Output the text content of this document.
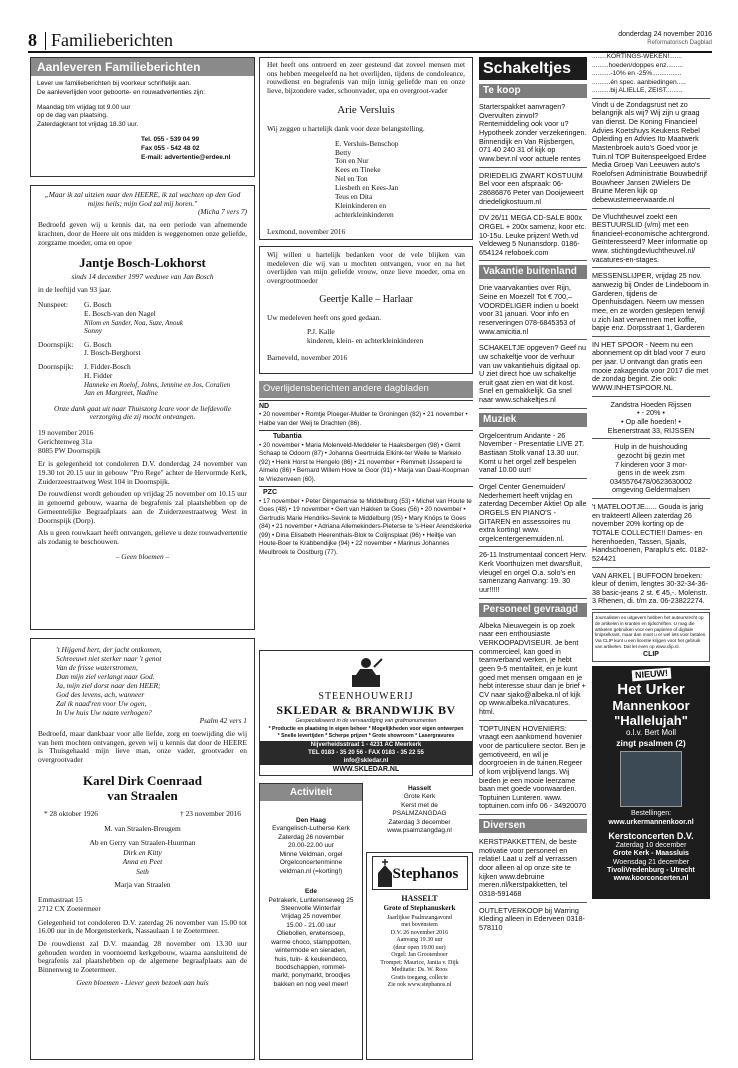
8 Familieberichten	donderdag 24 november 2016
Reformatorisch Dagblad
Aanleveren Familieberichten
Lever uw familieberichten bij voorkeur schriftelijk aan.
De aanleverlijden voor geboorte- en rouwadvertenties zijn:
Maandag t/m vrijdag tot 9.00 uur
op de dag van plaatsing.
Zaterdagkrant tot vrijdag 18.30 uur.
Tel. 055 - 539 04 99
Fax 055 - 542 48 02
E-mail: advertentie@erdee.nl
„Maar ik zal uitzien naar den HEERE, ik zal wachten op den God mijns heils; mijn God zal mij horen."
(Micha 7 vers 7)

Bedroefd geven wij u kennis dat, na een periode van afnemende krachten, door de Heere uit ons midden is weggenomen onze geliefde, zorgzame moeder, oma en opoe

Jantje Bosch-Lokhorst
sinds 14 december 1997 weduwe van Jan Bosch
in de leeftijd van 93 jaar.
Nunspeet:	G. Bosch
E. Bosch-van den Nagel
Nilom en Sander, Noa, Suze, Anouk
Sonny
Doornspijk:	G. Bosch
J. Bosch-Berghorst
Doornspijk:	J. Fidder-Bosch
H. Fidder
Hanneke en Roelof, Johns, Jennine en Jos, Coralien
Jan en Margreet, Nadine
Onze dank gaat uit naar Thuiszorg Icare voor de liefdevolle verzorging die zij mocht ontvangen.
19 november 2016
Gerichtenweg 31a
8085 PW Doornspijk

Er is gelegenheid tot condoleren D.V. donderdag 24 november van 19.30 tot 20.15 uur in gebouw "Pro Rege" achter de Hervormde Kerk, Zuiderzeestraatweg West 104 in Doornspijk.

De rouwdienst wordt gehouden op vrijdag 25 november om 10.15 uur in genoemd gebouw, waarna de begrafenis zal plaatshebben op de Gemeentelijke Begraafplaats aan de Zuiderzeestraatweg West in Doornspijk (Dorp).

Als u geen rouwkaart heeft ontvangen, gelieve u deze rouwadvertentie als zodanig te beschouwen.

– Geen bloemen –
't Hijgend hert, der jacht ontkomen,
Schreeuwt niet sterker naar 't genot
Van de frisse waterstromen,
Dan mijn ziel verlangt naar God.
Ja, mijn ziel dorst naar den HEER;
God des levens, ach, wanneer
Zal ik naad'ren voor Uw ogen,
In Uw huis Uw naam verhogen?
Psalm 42 vers 1

Bedroefd, maar dankbaar voor alle liefde, zorg en toewijding die wij van hem mochten ontvangen, geven wij u kennis dat door de HEERE is Thuisgehaald mijn lieve man, onze vader, grootvader en overgrootvader

Karel Dirk Coenraad
van Straalen
* 28 oktober 1926	† 23 november 2016
M. van Straalen-Breugem
Ab en Gerry van Straalen-Huurman
Dirk en Kitty
Anna en Peet
Seth
Marja van Straalen
Emmastraat 15
2712 CX Zoetermeer

Gelegenheid tot condoleren D.V. zaterdag 26 november van 15.00 tot 16.00 uur in de Morgensterkerk, Nassaulaan 1 te Zoetermeer.

De rouwdienst zal D.V. maandag 28 november om 13.30 uur gehouden worden in voornoemd kerkgebouw, waarna aansluitend de begrafenis zal plaatshebben op de algemene begraafplaats aan de Binnenweg te Zoetermeer.

Geen bloemen - Liever geen bezoek aan huis

Het heeft ons ontroerd en zeer gesteund dat zoveel mensen met ons hebben meegeleefd na het overlijden, tijdens de condoleance, rouwdienst en begrafenis van mijn innig geliefde man en onze lieve, bijzondere vader, schoonvader, opa en overgroot-vader

Arie Versluis

Wij zeggen u hartelijk dank voor deze belangstelling.

E. Versluis-Benschop
Betty
Ton en Nur
Kees en Tineke
Nel en Ton
Liesbeth en Kees-Jan
Teus en Dita
Kleinkinderen en
achterkleinkinderen
Lexmond, november 2016

Wij willen u hartelijk bedanken voor de vele blijken van medeleven die wij van u mochten ontvangen, voor en na het overlijden van mijn geliefde vrouw, onze lieve moeder, oma en overgrootmoeder

Geertje Kalle – Harlaar

Uw medeleven heeft ons goed gedaan.

P.J. Kalle
kinderen, klein- en achterkleinkinderen
Barneveld, november 2016
Overlijdensberichten andere dagbladen
ND
• 20 november • Romtje Ploeger-Mulder te Groningen (82) • 21 november • Halbe van der Weij te Drachten (86).
Tubantia
• 20 november • Maria Molenveld-Meddeler te Haaksbergen (98) • Gerrit Schaap te Odoorn (87) • Johanna Geertruida Elkink-ter Welle te Markelo (92) • Henk Horst te Hengelo (86) • 21 november • Remmelt IJsseperd te Almelo (86) • Bernard Willem Hove te Goor (91) • Marja van Daal-Koopman te Vriezenveen (60).
PZC
• 17 november • Peter Dingemanse te Middelburg (53) • Michel van Houte te Goes (48) • 19 november • Gert van Hakken te Goes (56) • 20 november • Gertrudis Marie Hendriks-Sevink te Middelburg (95) • Mary Knöps te Goes (84) • 21 november • Adriana Allemekinders-Pieterse te 's-Heer Arendskerke (99) • Dina Elisabeth Heerenthals-Blok te Colijnsplaat (96) • Heiltje van Houte-Boer te Krabbendijke (94) • 22 november • Marinus Johannes Meulbroek te Oostburg (77).
STEENHOUWERIJ
SKLEDAR & BRANDWIJK BV
Gespecialiseerd in de vervaardiging van grafmonumenten
* Productie en plaatsing in eigen beheer * Mogelijkheden voor eigen ontwerpen
* Snelle levertijden * Scherpe prijzen * Grote showroom * Lasergravures
Nijverheidsstraat 1 - 4231 AC Meerkerk
TEL 0183 - 35 20 56 - FAX 0183 - 35 22 55
info@skledar.nl
WWW.SKLEDAR.NL
Activiteit
Den Haag
Evangelisch-Lutherse Kerk
Zaterdag 26 november
20.00-22.00 uur
Minne Veldman, orgel
Orgelconcertenminne
veldman.nl (=korting!)
Ede
Petrakerk, Lunterenseweg 25
Steenvolle Winterfair
Vrijdag 25 november
15.00 - 21.00 uur
Oliebollen, erwtensoep,
warme choco, stamppotten,
wintermode en sieraden,
huis, tuin- & keukendeco,
boodschappen, rommel-
markt, ponymarkt, broodjes
bakken en nog veel meer!
Hasselt
Grote Kerk
Kerst met de
PSALMZANGDAG
Zaterdag 3 december
www.psalmzangdag.nl
Stephanos
HASSELT
Grote of Stephanuskerk
Jaarlijkse Psalmzangavond
met bovenstem
D.V. 26 november 2016
Aanvang 19.30 uur
(deur open 19.00 uur)
Orgel: Jan Grootenboer
Trompet: Maurice, Janita v. Dijk
Meditatie: Ds. W. Roos
Gratis toegang, collecte
Zie ook www.stephanos.nl
Schakeltjes
Te koop
Starterspakket aanvragen? Overvulten zinvol? Rentemiddeling ook voor u? Hypotheek zonder verzekeringen. Binnendijk en Van Rijsbergen, 071 40 240 31 of kijk op www.bevr.nl voor actuele rentes
DRIEDELIG ZWART KOSTUUM Bel voor een afspraak: 06-28686876 Peter van Dooijeweert driedeligkostuum.nl
DV 26/11 MEGA CD-SALE 800x ORGEL + 200x samenz, koor etc. 10-15u. Leuke prijzen! Weth.vd Veldeweg 5 Nunansdorp. 0186-654124 refoboek.com
Vakantie buitenland
Drie vaarvakanties over Rijn, Seine en Moezel! Tot € 700,– VOORDELIGER indien u boekt voor 31 januari. Voor info en reserveringen 078-6845353 of www.amicitia.nl
SCHAKELTJE opgeven? Geef nu uw schakeltje voor de verhuur van uw vakantiehuis digitaal op. U ziet direct hoe uw schakeltje eruit gaat zien en wat dit kost. Snel en gemakkelijk. Ga snel naar www.schakeltjes.nl
Muziek
Orgelcentrum Andante - 26 November - Presentatie LIVE 2T. Bastiaan Stolk vanaf 13.30 uur. Komt u het orgel zelf bespelen vanaf 10.00 uur!
Orgel Center Genemuiden/ Nederhemert heeft vrijdag en zaterdag December Aktie! Op alle ORGELS EN PIANO'S - GITAREN en assessoires nu extra korting! www. orgelcentergenemuiden.nl.
26-11 Instrumentaal concert Herv. Kerk Voorthuizen met dwarsfluit, vleugel en orgel O.a. solo's en samenzang Aanvang: 19. 30 uur!!!!!
Personeel gevraagd
Albeka Nieuwegein is op zoek naar een enthousiaste VERKOOPADVISEUR. Je bent commercieel, kan goed in teamverband werken, je hebt geen 9-5 mentaliteit, en je kunt goed met mensen omgaan en je hebt interesse stuur dan je brief + CV naar sjako@albeka.nl of kijk op www.albeka.nl/vacatures. html.
TOPTUINEN HOVENIERS: vraagt een aankomend hovenier voor de particuliere sector. Ben je gemotiveerd, en wil je doorgroeien in de tuinen.Regeer of kom vrijblijvend langs. Wij bieden je een mooie leerzame baan met goede voorwaarden. Toptuinen Lunteren. www. toptuinen.com info 06 - 34920070
Diversen
KERSTPAKKETTEN, de beste motivatie voor personeel en relatie! Laat u zelf al verrassen door alleen al op onze site te kijken www.debruine meren.nl/kerstpakketten, tel 0318-591468
OUTLETVERKOOP bij Warring Kleding alleen in Ederveen 0318-578110
........KORTINGS-WEKEN!.......
.........hoeden/doppes enz.........
..........-10% en -25%................
..........én spec. aanbiedingen.....
..........bij ALIELLE, ZEIST.........
Vindt u de Zondagsrust net zo belangrijk als wij? Wij zijn u graag van dienst. De Koning Financieel Advies Koetshuys Keukens Rebel Opleiding en Advies Ito Maatwerk Mastenbroek auto's Goed voor je Tuin.nl TOP Buitenspeelgoed Erdee Media Groep Van Leeuwen auto's Roelofsen Administratie Bouwbedrijf Bouwheer Jansen 2Wielers De Bruine Meren kijk op debewustemeerwaarde.nl
De Vluchtheuvel zoekt een BESTUURSLID (v/m) met een financieel-economische achtergrond. Geïnteresseerd? Meer informatie op www. stichtingdevluchtheuvel.nl/ vacatures-en-stages.
MESSENSLIJPER, vrijdag 25 nov. aanwezig bij Onder de Lindeboom in Garderen, tijdens de Openhuisdagen. Neem uw messen mee, en ze worden geslepen terwijl u zich laat verwennen met koffie, bapje enz. Dorpsstraat 1, Garderen
IN HET SPOOR - Neem nu een abonnement op dit blad voor 7 euro per jaar. U ontvangt dan gratis een mooie zakagenda voor 2017 die met de zondag begint. Zie ook: WWW.INHETSPOOR.NL
Zandstra Hoeden Rijssen
• - 20% •
• Op alle hoeden! •
Elsenerstraat 33, RIJSSEN
Hulp in de huishouding
gezocht bij gezin met
7 kinderen voor 3 mor-
gens in de week zsm
0345576478/0623630002
omgeving Geldermalsen
't MATELOOTJE...... Gouda is jarig en trakteert! Alleen zaterdag 26 november 20% korting op de TOTALE COLLECTIE!! Dames- en herenhoeden, Tassen, Sjaals, Handschoenen, Paraplu's etc. 0182-524421
VAN ARKEL | BUFFOON broeken: kleur of denim, lengtes 30-32-34-36-38 basic-jeans 2 st. € 45,-. Molenstr. 3 Rhenen, di. t/m za. 06-23822274.
Journalisten en uitgevers hebben het auteursrecht op de artikelen in kranten en tijdschriften. U mag die artikelen gebruiken voor een papieren of digitale knipselkrant, maar dan moet u er wel iets voor betalen. Via CLIP kunt u een licentie krijgen voor het gebruik van artikelen. Dat let even op www.clip.nl.
CLIP
NIEUW!
Het Urker
Mannenkoor
"Hallelujah"
o.l.v. Bert Moll
zingt psalmen (2)
Bestellingen:
www.urkermannenkoor.nl
Kerstconcerten D.V.
Zaterdag 10 december
Grote Kerk - Maassluis
Woensdag 21 december
TivoliVredenburg - Utrecht
www.koorconcerten.nl
